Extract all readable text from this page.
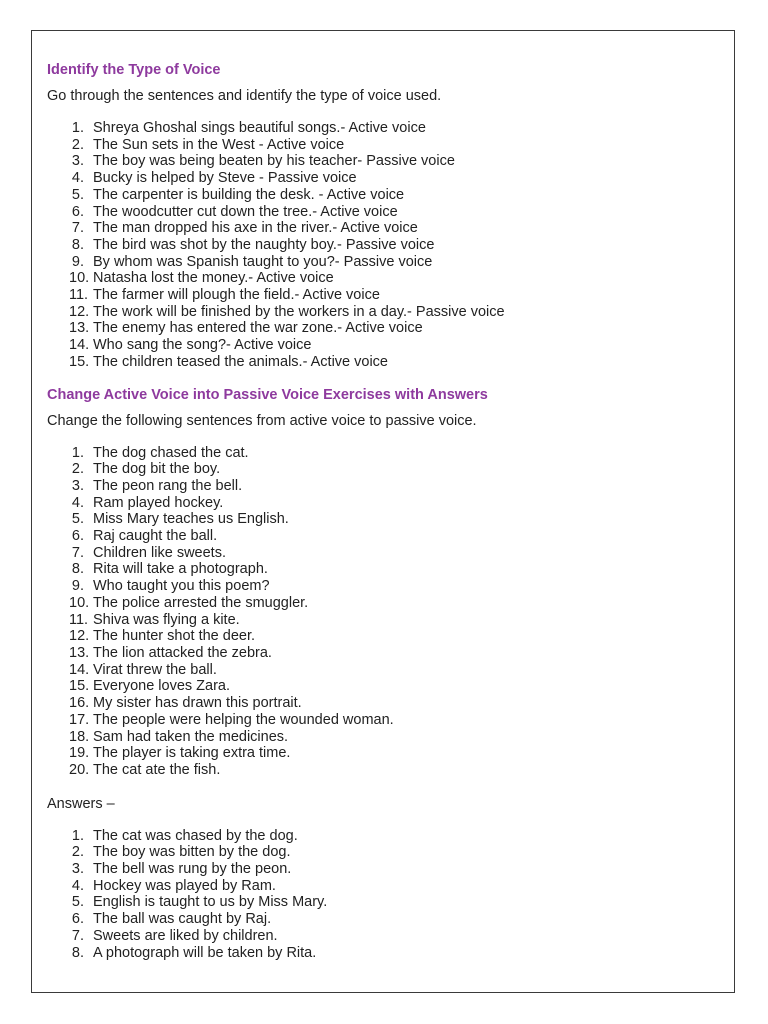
Identify the Type of Voice

Go through the sentences and identify the type of voice used.

1. Shreya Ghoshal sings beautiful songs.- Active voice
2. The Sun sets in the West - Active voice
3. The boy was being beaten by his teacher- Passive voice
4. Bucky is helped by Steve - Passive voice
5. The carpenter is building the desk. - Active voice
6. The woodcutter cut down the tree.- Active voice
7. The man dropped his axe in the river.- Active voice
8. The bird was shot by the naughty boy.- Passive voice
9. By whom was Spanish taught to you?- Passive voice
10. Natasha lost the money.- Active voice
11. The farmer will plough the field.- Active voice
12. The work will be finished by the workers in a day.- Passive voice
13. The enemy has entered the war zone.- Active voice
14. Who sang the song?- Active voice
15. The children teased the animals.- Active voice
Change Active Voice into Passive Voice Exercises with Answers

Change the following sentences from active voice to passive voice.

1. The dog chased the cat.
2. The dog bit the boy.
3. The peon rang the bell.
4. Ram played hockey.
5. Miss Mary teaches us English.
6. Raj caught the ball.
7. Children like sweets.
8. Rita will take a photograph.
9. Who taught you this poem?
10. The police arrested the smuggler.
11. Shiva was flying a kite.
12. The hunter shot the deer.
13. The lion attacked the zebra.
14. Virat threw the ball.
15. Everyone loves Zara.
16. My sister has drawn this portrait.
17. The people were helping the wounded woman.
18. Sam had taken the medicines.
19. The player is taking extra time.
20. The cat ate the fish.

Answers –

1. The cat was chased by the dog.
2. The boy was bitten by the dog.
3. The bell was rung by the peon.
4. Hockey was played by Ram.
5. English is taught to us by Miss Mary.
6. The ball was caught by Raj.
7. Sweets are liked by children.
8. A photograph will be taken by Rita.
